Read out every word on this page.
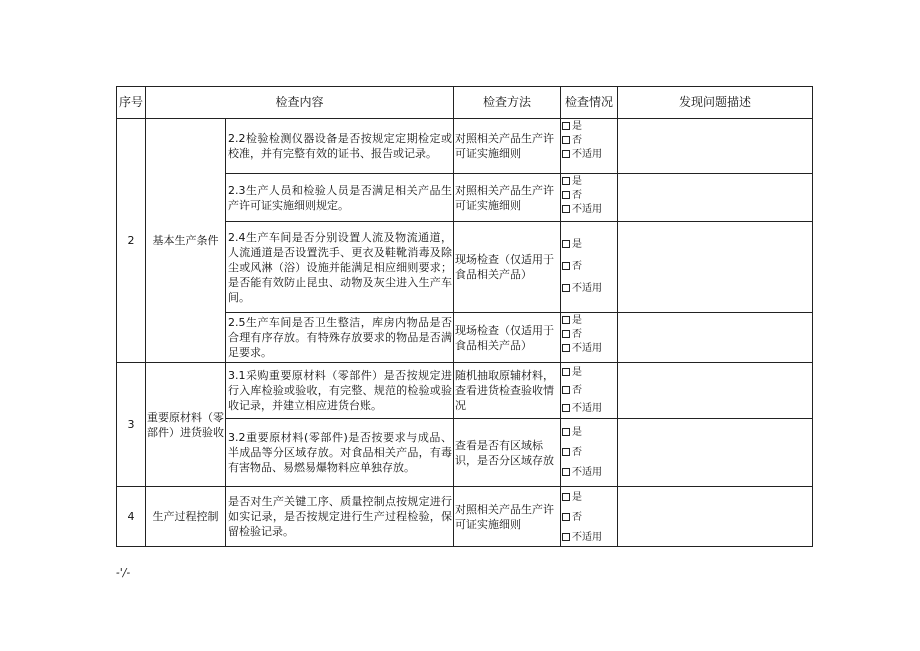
序号	检查内容		检查方法	检查情况	发现问题描述
2	基本生产条件	2.2检验检测仪器设备是否按规定定期检定或校准，并有完整有效的证书、报告或记录。	对照相关产品生产许可证实施细则	是
否
不适用	

		2.3生产人员和检验人员是否满足相关产品生产许可证实施细则规定。	对照相关产品生产许可证实施细则	是
否
不适用	

		2.4生产车间是否分别设置人流及物流通道，人流通道是否设置洗手、更衣及鞋靴消毒及除尘或风淋（浴）设施并能满足相应细则要求；是否能有效防止昆虫、动物及灰尘进入生产车间。	现场检查（仅适用于食品相关产品）	是
否
不适用	

		2.5生产车间是否卫生整洁，库房内物品是否合理有序存放。有特殊存放要求的物品是否满足要求。	现场检查（仅适用于食品相关产品）	是
否
不适用	

3	重要原材料（零部件）进货验收	3.1采购重要原材料（零部件）是否按规定进行入库检验或验收，有完整、规范的检验或验收记录，并建立相应进货台账。	随机抽取原辅材料，查看进货检查验收情况	是
否
不适用	

		3.2重要原材料(零部件)是否按要求与成品、半成品等分区域存放。对食品相关产品，有毒有害物品、易燃易爆物料应单独存放。	查看是否有区域标识，是否分区域存放	是
否
不适用	

4	生产过程控制	是否对生产关键工序、质量控制点按规定进行如实记录，是否按规定进行生产过程检验，保留检验记录。	对照相关产品生产许可证实施细则	是
否
不适用	

-'/-
